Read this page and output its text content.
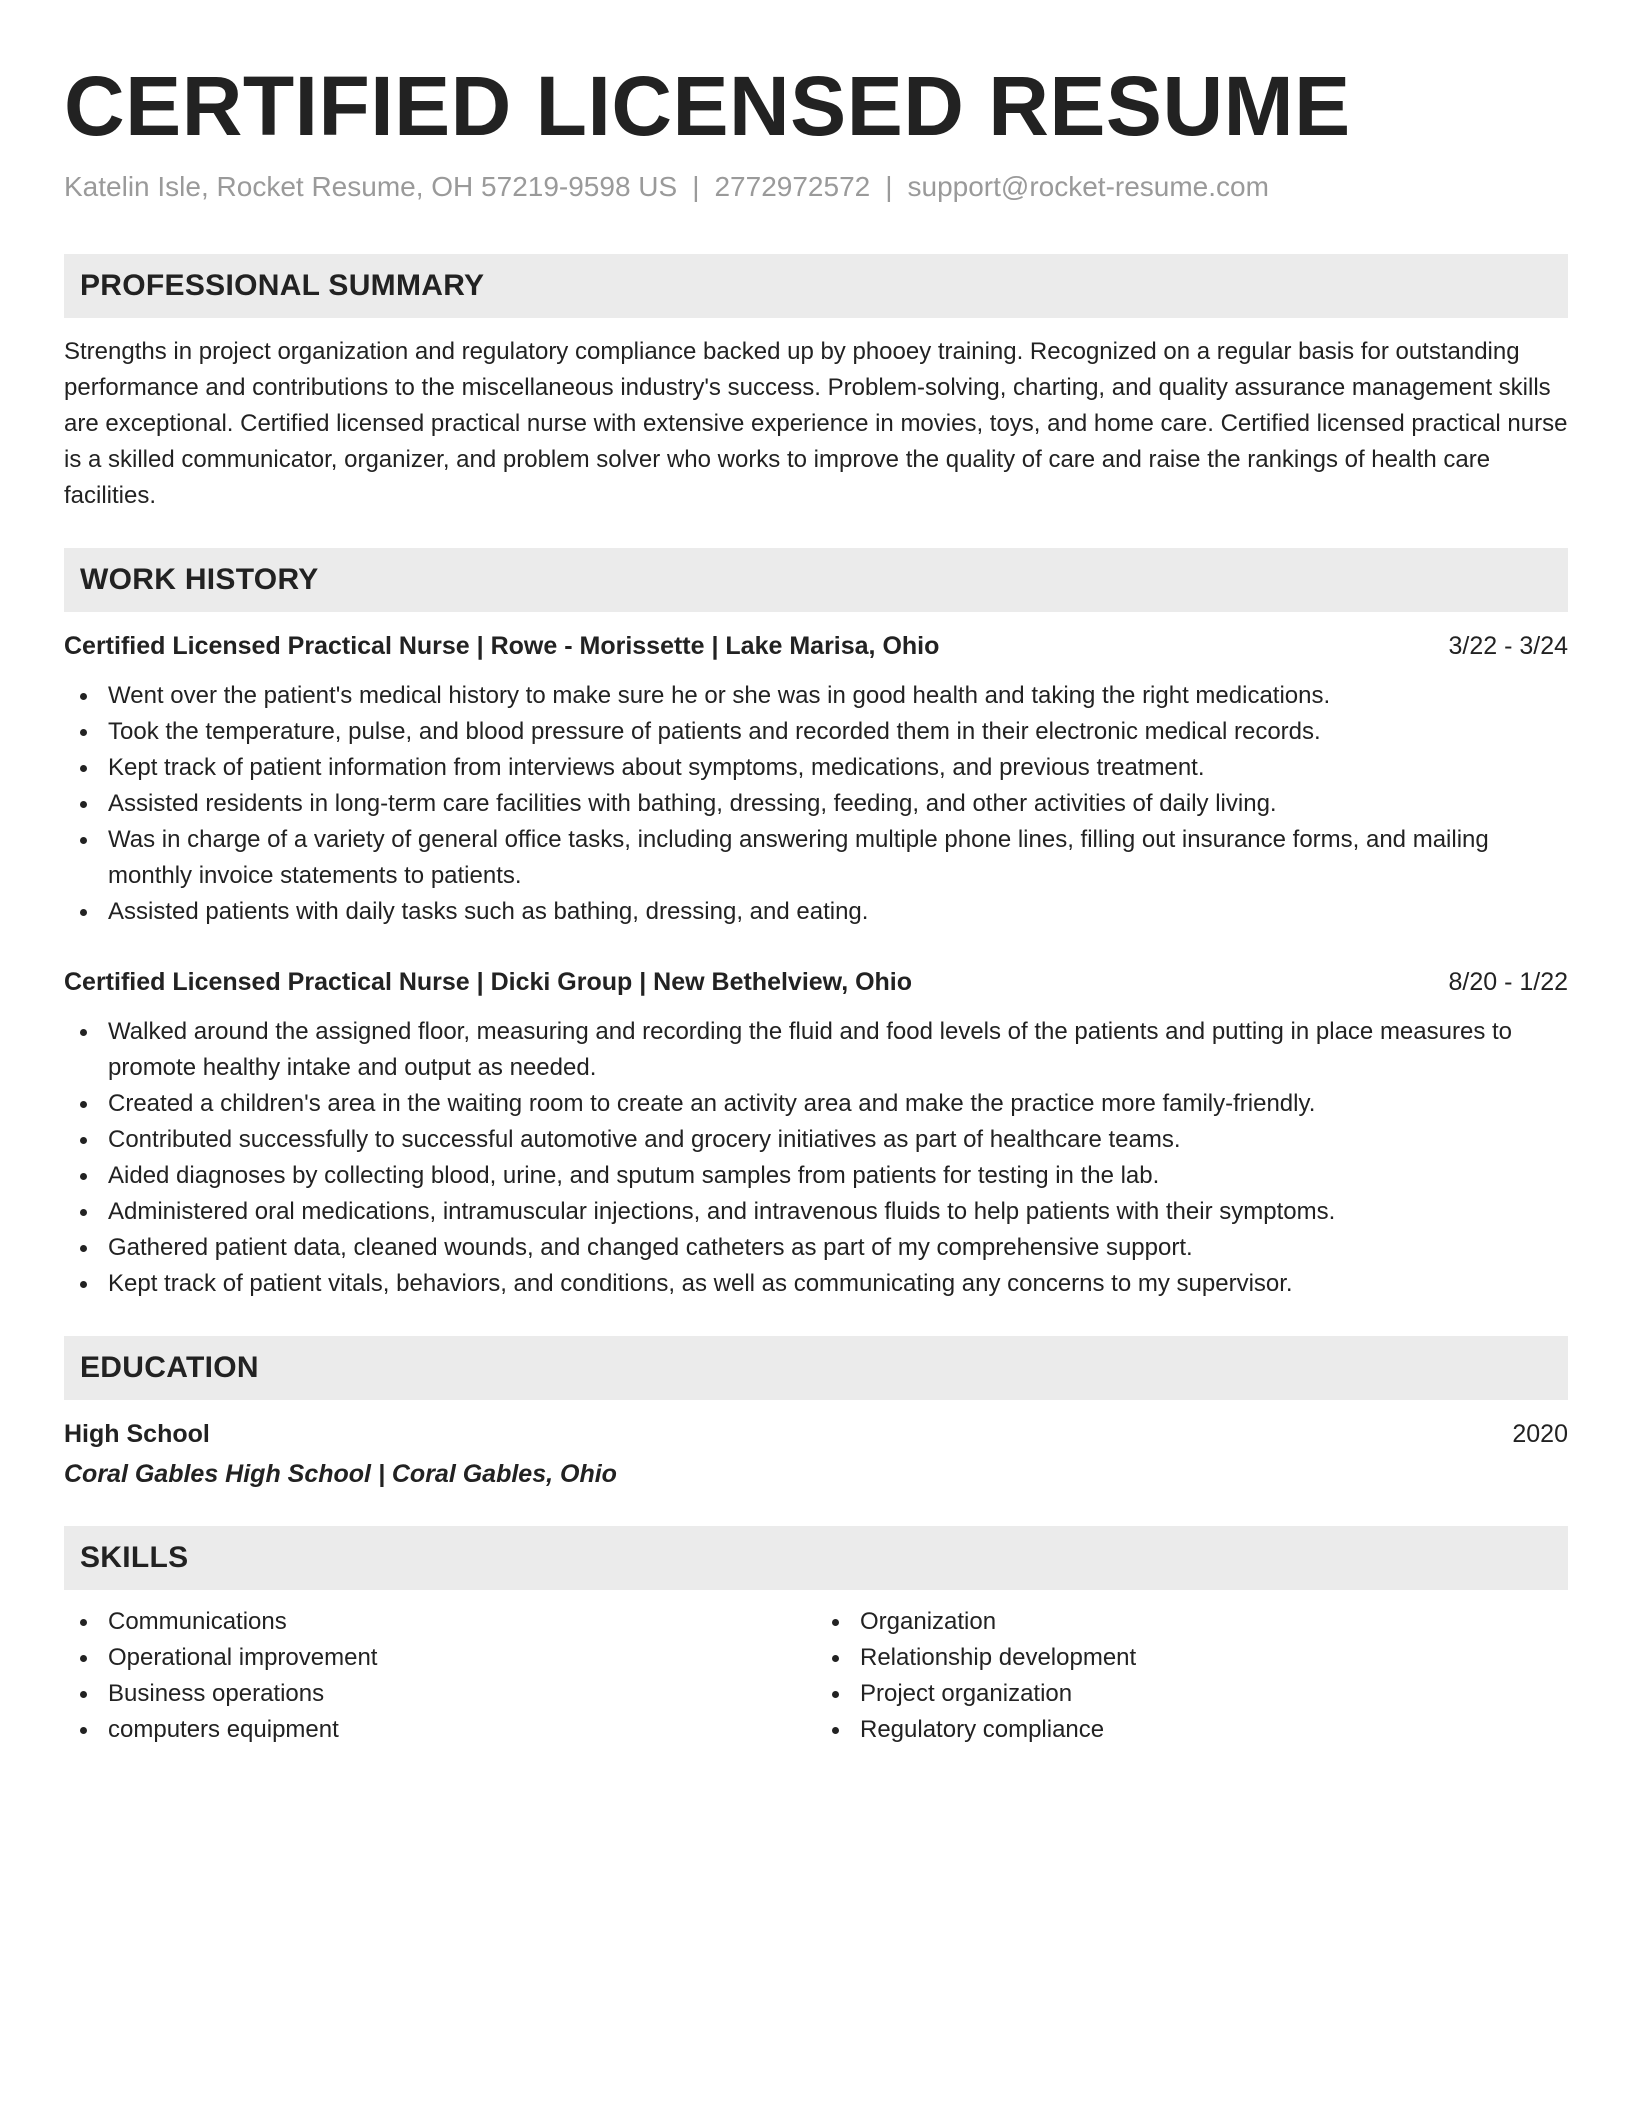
CERTIFIED LICENSED RESUME
Katelin Isle, Rocket Resume, OH 57219-9598 US | 2772972572 | support@rocket-resume.com
PROFESSIONAL SUMMARY

Strengths in project organization and regulatory compliance backed up by phooey training. Recognized on a regular basis for outstanding performance and contributions to the miscellaneous industry's success. Problem-solving, charting, and quality assurance management skills are exceptional. Certified licensed practical nurse with extensive experience in movies, toys, and home care. Certified licensed practical nurse is a skilled communicator, organizer, and problem solver who works to improve the quality of care and raise the rankings of health care facilities.

WORK HISTORY
Certified Licensed Practical Nurse | Rowe - Morissette | Lake Marisa, Ohio	3/22 - 3/24
Went over the patient's medical history to make sure he or she was in good health and taking the right medications.
Took the temperature, pulse, and blood pressure of patients and recorded them in their electronic medical records.
Kept track of patient information from interviews about symptoms, medications, and previous treatment.
Assisted residents in long-term care facilities with bathing, dressing, feeding, and other activities of daily living.
Was in charge of a variety of general office tasks, including answering multiple phone lines, filling out insurance forms, and mailing monthly invoice statements to patients.
Assisted patients with daily tasks such as bathing, dressing, and eating.
Certified Licensed Practical Nurse | Dicki Group | New Bethelview, Ohio	8/20 - 1/22
Walked around the assigned floor, measuring and recording the fluid and food levels of the patients and putting in place measures to promote healthy intake and output as needed.
Created a children's area in the waiting room to create an activity area and make the practice more family-friendly.
Contributed successfully to successful automotive and grocery initiatives as part of healthcare teams.
Aided diagnoses by collecting blood, urine, and sputum samples from patients for testing in the lab.
Administered oral medications, intramuscular injections, and intravenous fluids to help patients with their symptoms.
Gathered patient data, cleaned wounds, and changed catheters as part of my comprehensive support.
Kept track of patient vitals, behaviors, and conditions, as well as communicating any concerns to my supervisor.
EDUCATION
High School	2020
Coral Gables High School | Coral Gables, Ohio
SKILLS
Communications
Operational improvement
Business operations
computers equipment
Organization
Relationship development
Project organization
Regulatory compliance
